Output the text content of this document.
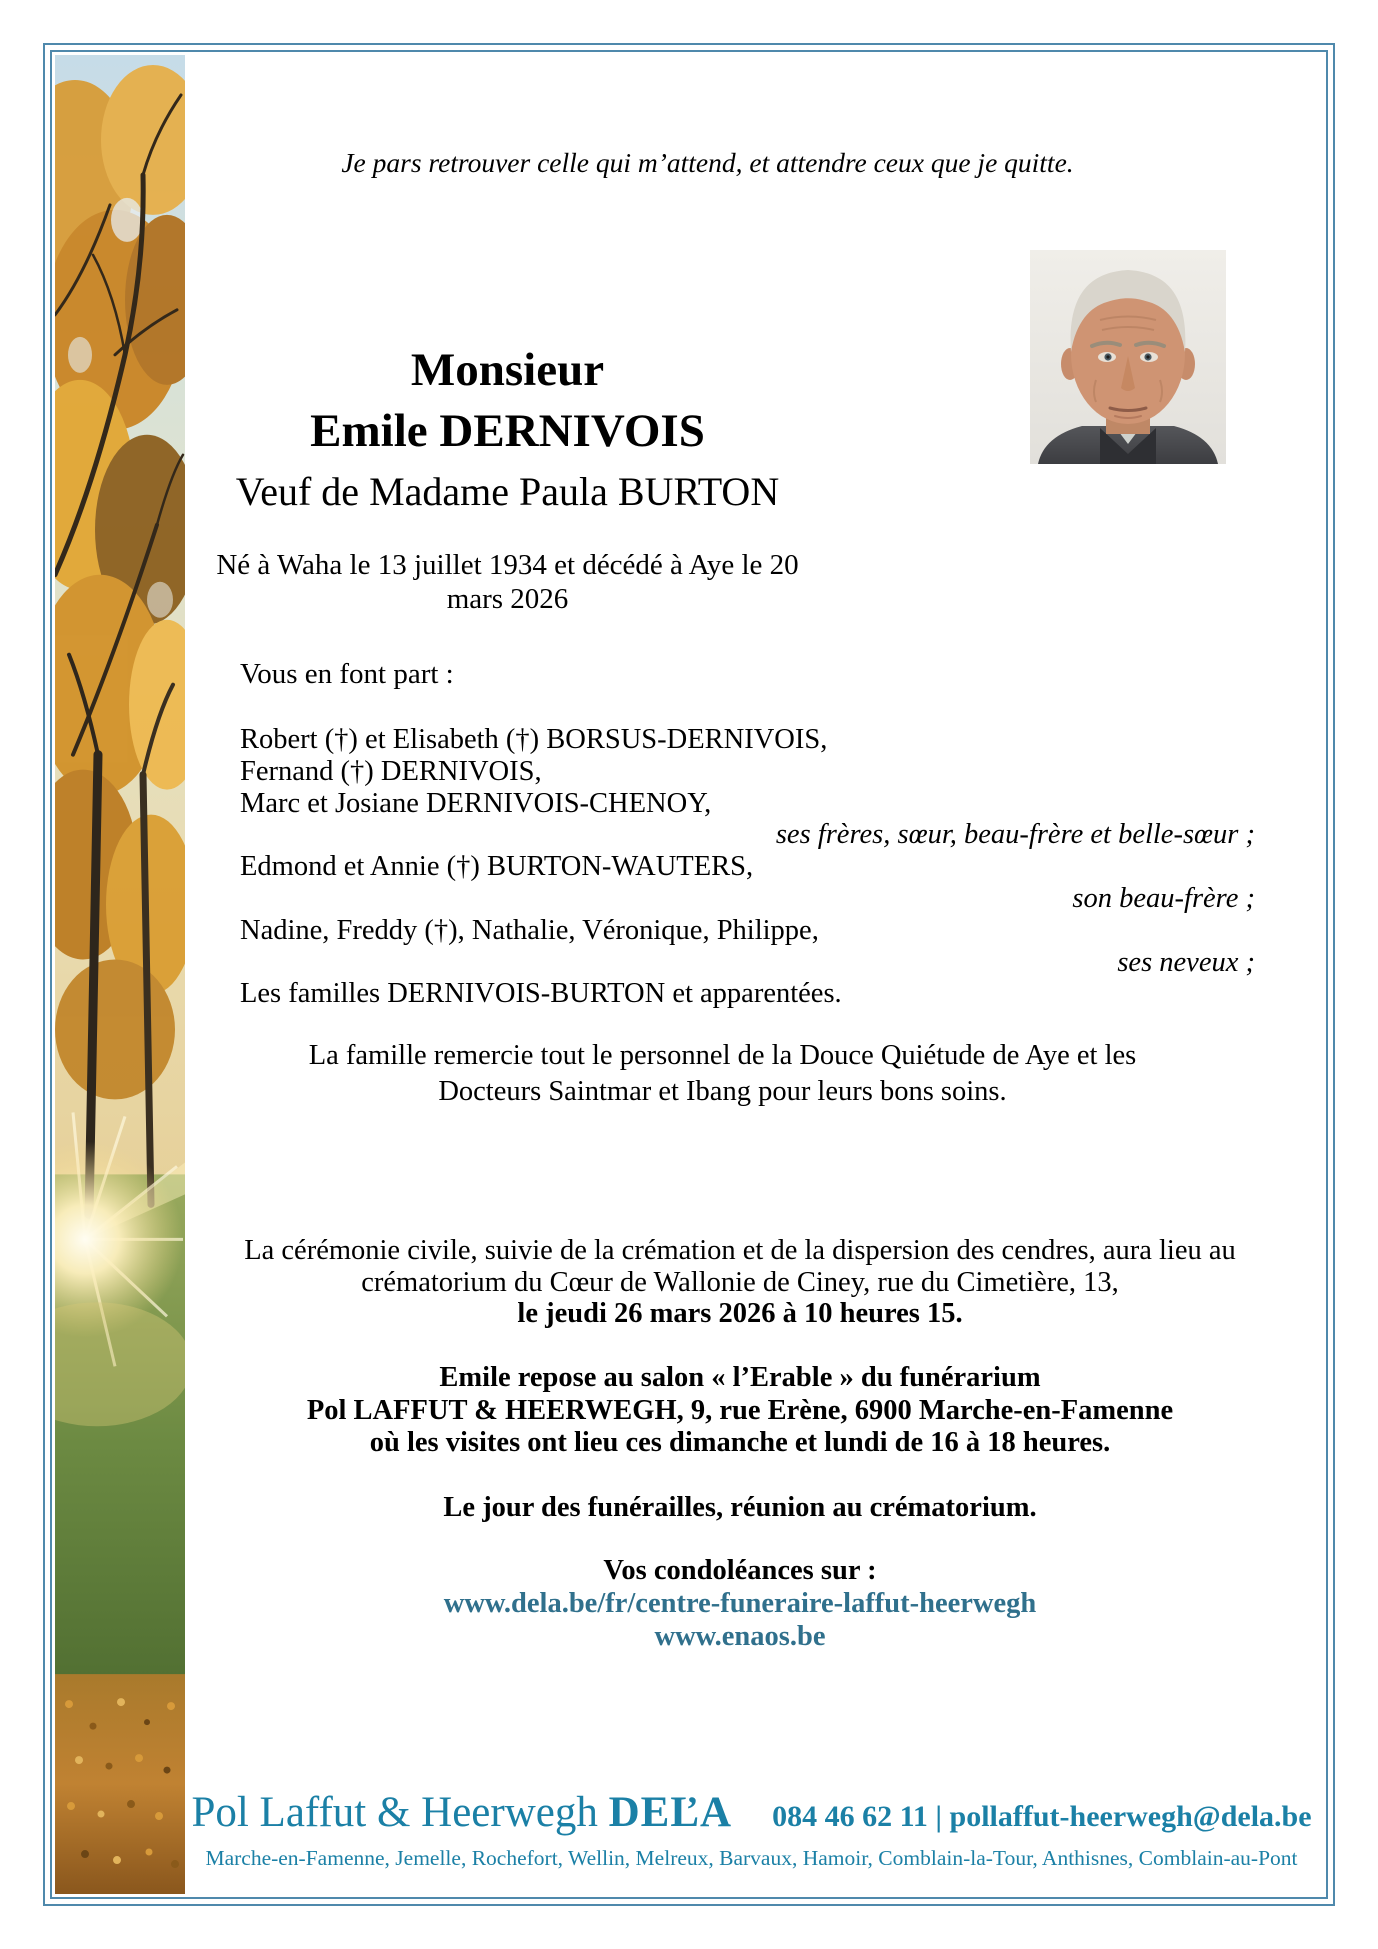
Je pars retrouver celle qui m’attend, et attendre ceux que je quitte.
Monsieur
Emile DERNIVOIS
Veuf de Madame Paula BURTON
Né à Waha le 13 juillet 1934 et décédé à Aye le 20 mars 2026
Vous en font part :
Robert (†) et Elisabeth (†) BORSUS-DERNIVOIS,
Fernand (†) DERNIVOIS,
Marc et Josiane DERNIVOIS-CHENOY,
ses frères, sœur, beau-frère et belle-sœur ;
Edmond et Annie (†) BURTON-WAUTERS,
son beau-frère ;
Nadine, Freddy (†), Nathalie, Véronique, Philippe,
ses neveux ;
Les familles DERNIVOIS-BURTON et apparentées.
La famille remercie tout le personnel de la Douce Quiétude de Aye et les
Docteurs Saintmar et Ibang pour leurs bons soins.
La cérémonie civile, suivie de la crémation et de la dispersion des cendres, aura lieu au
crématorium du Cœur de Wallonie de Ciney, rue du Cimetière, 13,
le jeudi 26 mars 2026 à 10 heures 15.
Emile repose au salon « l’Erable » du funérarium
Pol LAFFUT & HEERWEGH, 9, rue Erène, 6900 Marche-en-Famenne
où les visites ont lieu ces dimanche et lundi de 16 à 18 heures.
Le jour des funérailles, réunion au crématorium.
Vos condoléances sur :
www.dela.be/fr/centre-funeraire-laffut-heerwegh
www.enaos.be
Pol Laffut & Heerwegh DEĽA 084 46 62 11 | pollaffut-heerwegh@dela.be
Marche-en-Famenne, Jemelle, Rochefort, Wellin, Melreux, Barvaux, Hamoir, Comblain-la-Tour, Anthisnes, Comblain-au-Pont
